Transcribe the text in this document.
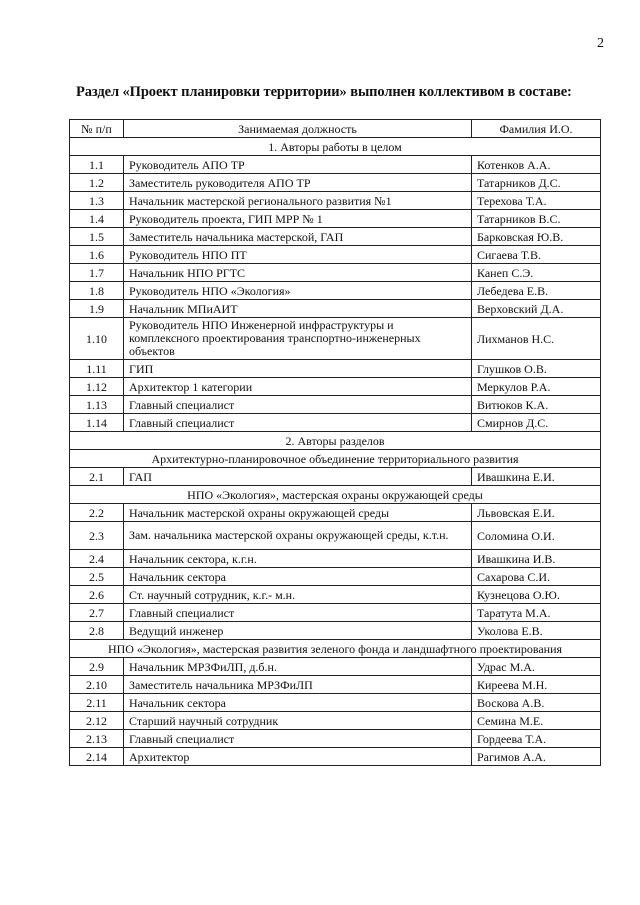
2
Раздел «Проект планировки территории» выполнен коллективом в составе:
№ п/п	Занимаемая должность	Фамилия И.О.
1. Авторы работы в целом		
1.1	Руководитель АПО ТР	Котенков А.А.
1.2	Заместитель руководителя АПО ТР	Татарников Д.С.
1.3	Начальник мастерской регионального развития №1	Терехова Т.А.
1.4	Руководитель проекта, ГИП МРР № 1	Татарников В.С.
1.5	Заместитель начальника мастерской, ГАП	Барковская Ю.В.
1.6	Руководитель НПО ПТ	Сигаева Т.В.
1.7	Начальник НПО РГТС	Канеп С.Э.
1.8	Руководитель НПО «Экология»	Лебедева Е.В.
1.9	Начальник МПиАИТ	Верховский Д.А.
1.10	Руководитель НПО Инженерной инфраструктуры и комплексного проектирования транспортно-инженерных объектов	Лихманов Н.С.
1.11	ГИП	Глушков О.В.
1.12	Архитектор 1 категории	Меркулов Р.А.
1.13	Главный специалист	Витюков К.А.
1.14	Главный специалист	Смирнов Д.С.
2. Авторы разделов		
Архитектурно-планировочное объединение территориального развития		
2.1	ГАП	Ивашкина Е.И.
НПО «Экология», мастерская охраны окружающей среды		
2.2	Начальник мастерской охраны окружающей среды	Львовская Е.И.
2.3	Зам. начальника мастерской охраны окружающей среды, к.т.н.	Соломина О.И.
2.4	Начальник сектора, к.г.н.	Ивашкина И.В.
2.5	Начальник сектора	Сахарова С.И.
2.6	Ст. научный сотрудник, к.г.- м.н.	Кузнецова О.Ю.
2.7	Главный специалист	Таратута М.А.
2.8	Ведущий инженер	Уколова Е.В.
НПО «Экология», мастерская развития зеленого фонда и ландшафтного проектирования		
2.9	Начальник МРЗФиЛП, д.б.н.	Удрас М.А.
2.10	Заместитель начальника МРЗФиЛП	Киреева М.Н.
2.11	Начальник сектора	Воскова А.В.
2.12	Старший научный сотрудник	Семина М.Е.
2.13	Главный специалист	Гордеева Т.А.
2.14	Архитектор	Рагимов А.А.
